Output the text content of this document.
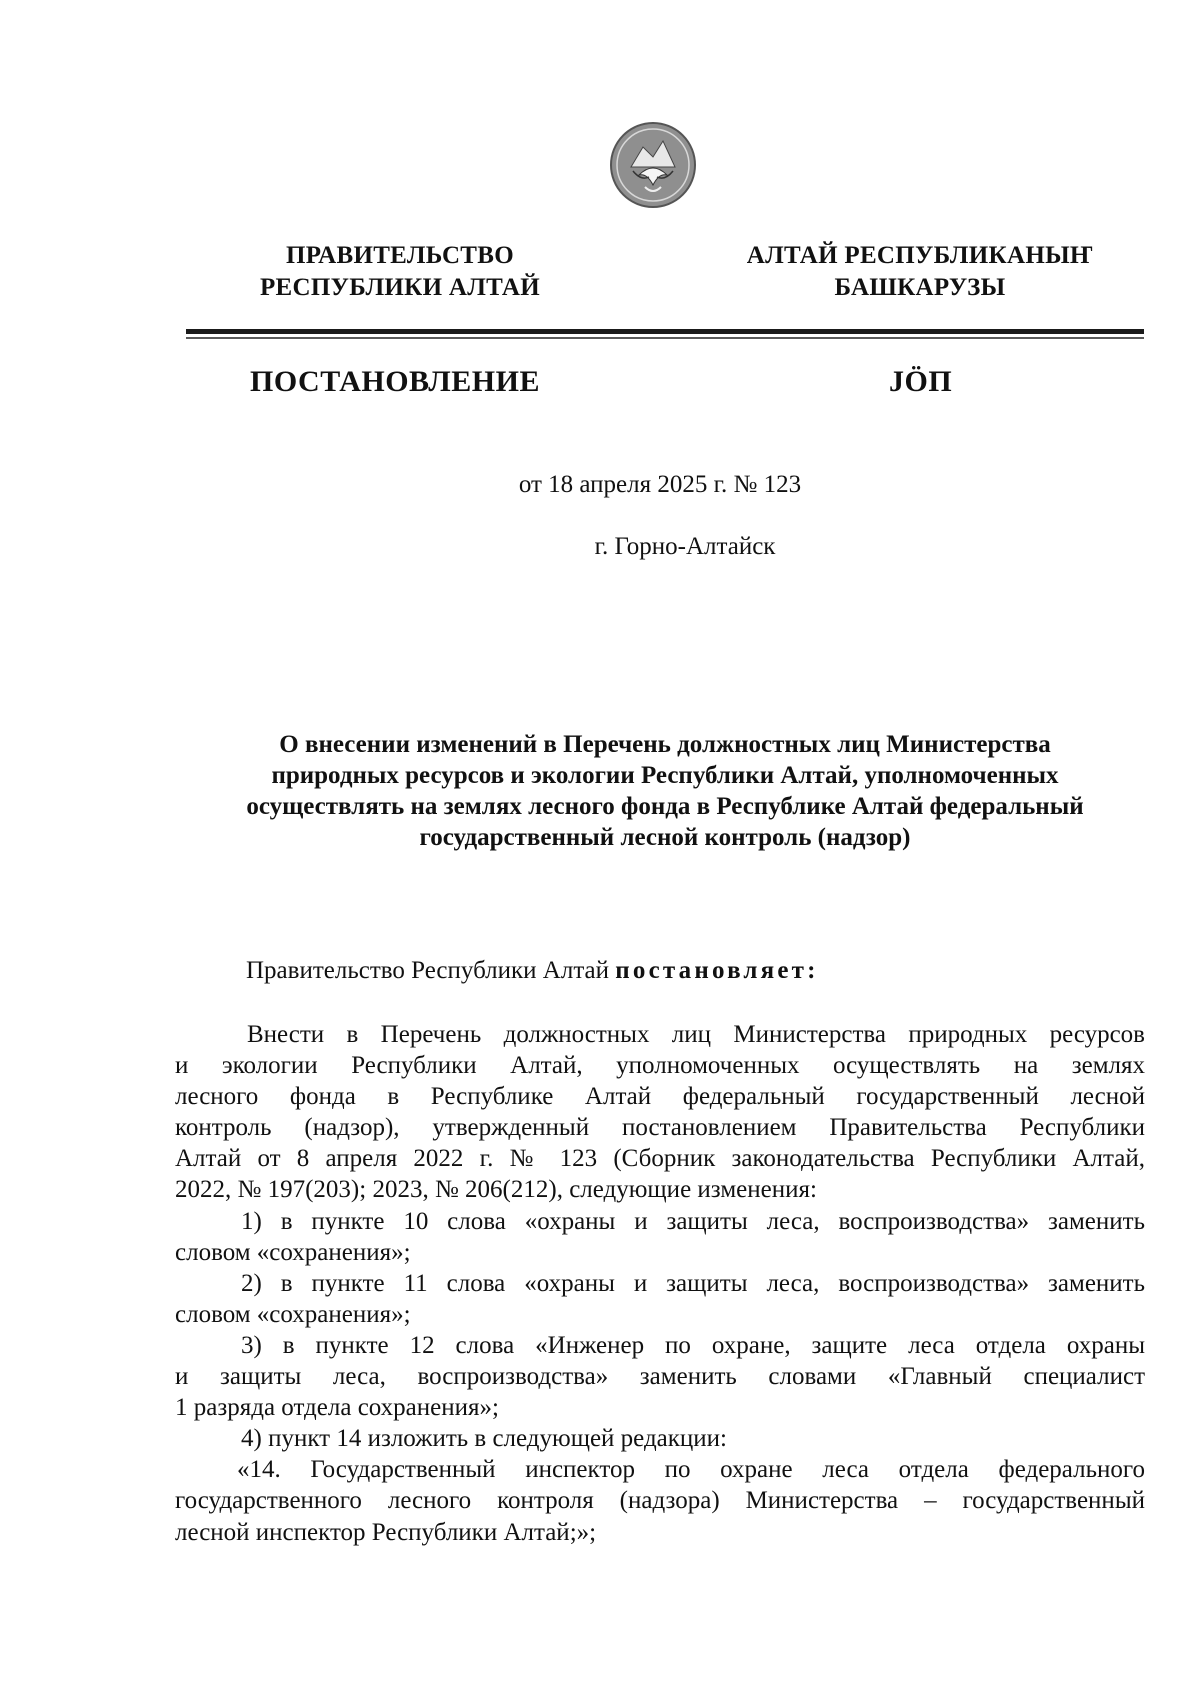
ПРАВИТЕЛЬСТВО
РЕСПУБЛИКИ АЛТАЙ
АЛТАЙ РЕСПУБЛИКАНЫҤ
БАШКАРУЗЫ
ПОСТАНОВЛЕНИЕ	JӦП
от 18 апреля 2025 г. № 123
г. Горно-Алтайск
О внесении изменений в Перечень должностных лиц Министерства
природных ресурсов и экологии Республики Алтай, уполномоченных
осуществлять на землях лесного фонда в Республике Алтай федеральный
государственный лесной контроль (надзор)
Правительство Республики Алтай постановляет:
Внести в Перечень должностных лиц Министерства природных ресурсов
и экологии Республики Алтай, уполномоченных осуществлять на землях
лесного фонда в Республике Алтай федеральный государственный лесной
контроль (надзор), утвержденный постановлением Правительства Республики
Алтай от 8 апреля 2022 г. № 123 (Сборник законодательства Республики Алтай,
2022, № 197(203); 2023, № 206(212), следующие изменения:
1) в пункте 10 слова «охраны и защиты леса, воспроизводства» заменить
словом «сохранения»;
2) в пункте 11 слова «охраны и защиты леса, воспроизводства» заменить
словом «сохранения»;
3) в пункте 12 слова «Инженер по охране, защите леса отдела охраны
и защиты леса, воспроизводства» заменить словами «Главный специалист
1 разряда отдела сохранения»;
4) пункт 14 изложить в следующей редакции:
«14. Государственный инспектор по охране леса отдела федерального
государственного лесного контроля (надзора) Министерства – государственный
лесной инспектор Республики Алтай;»;
